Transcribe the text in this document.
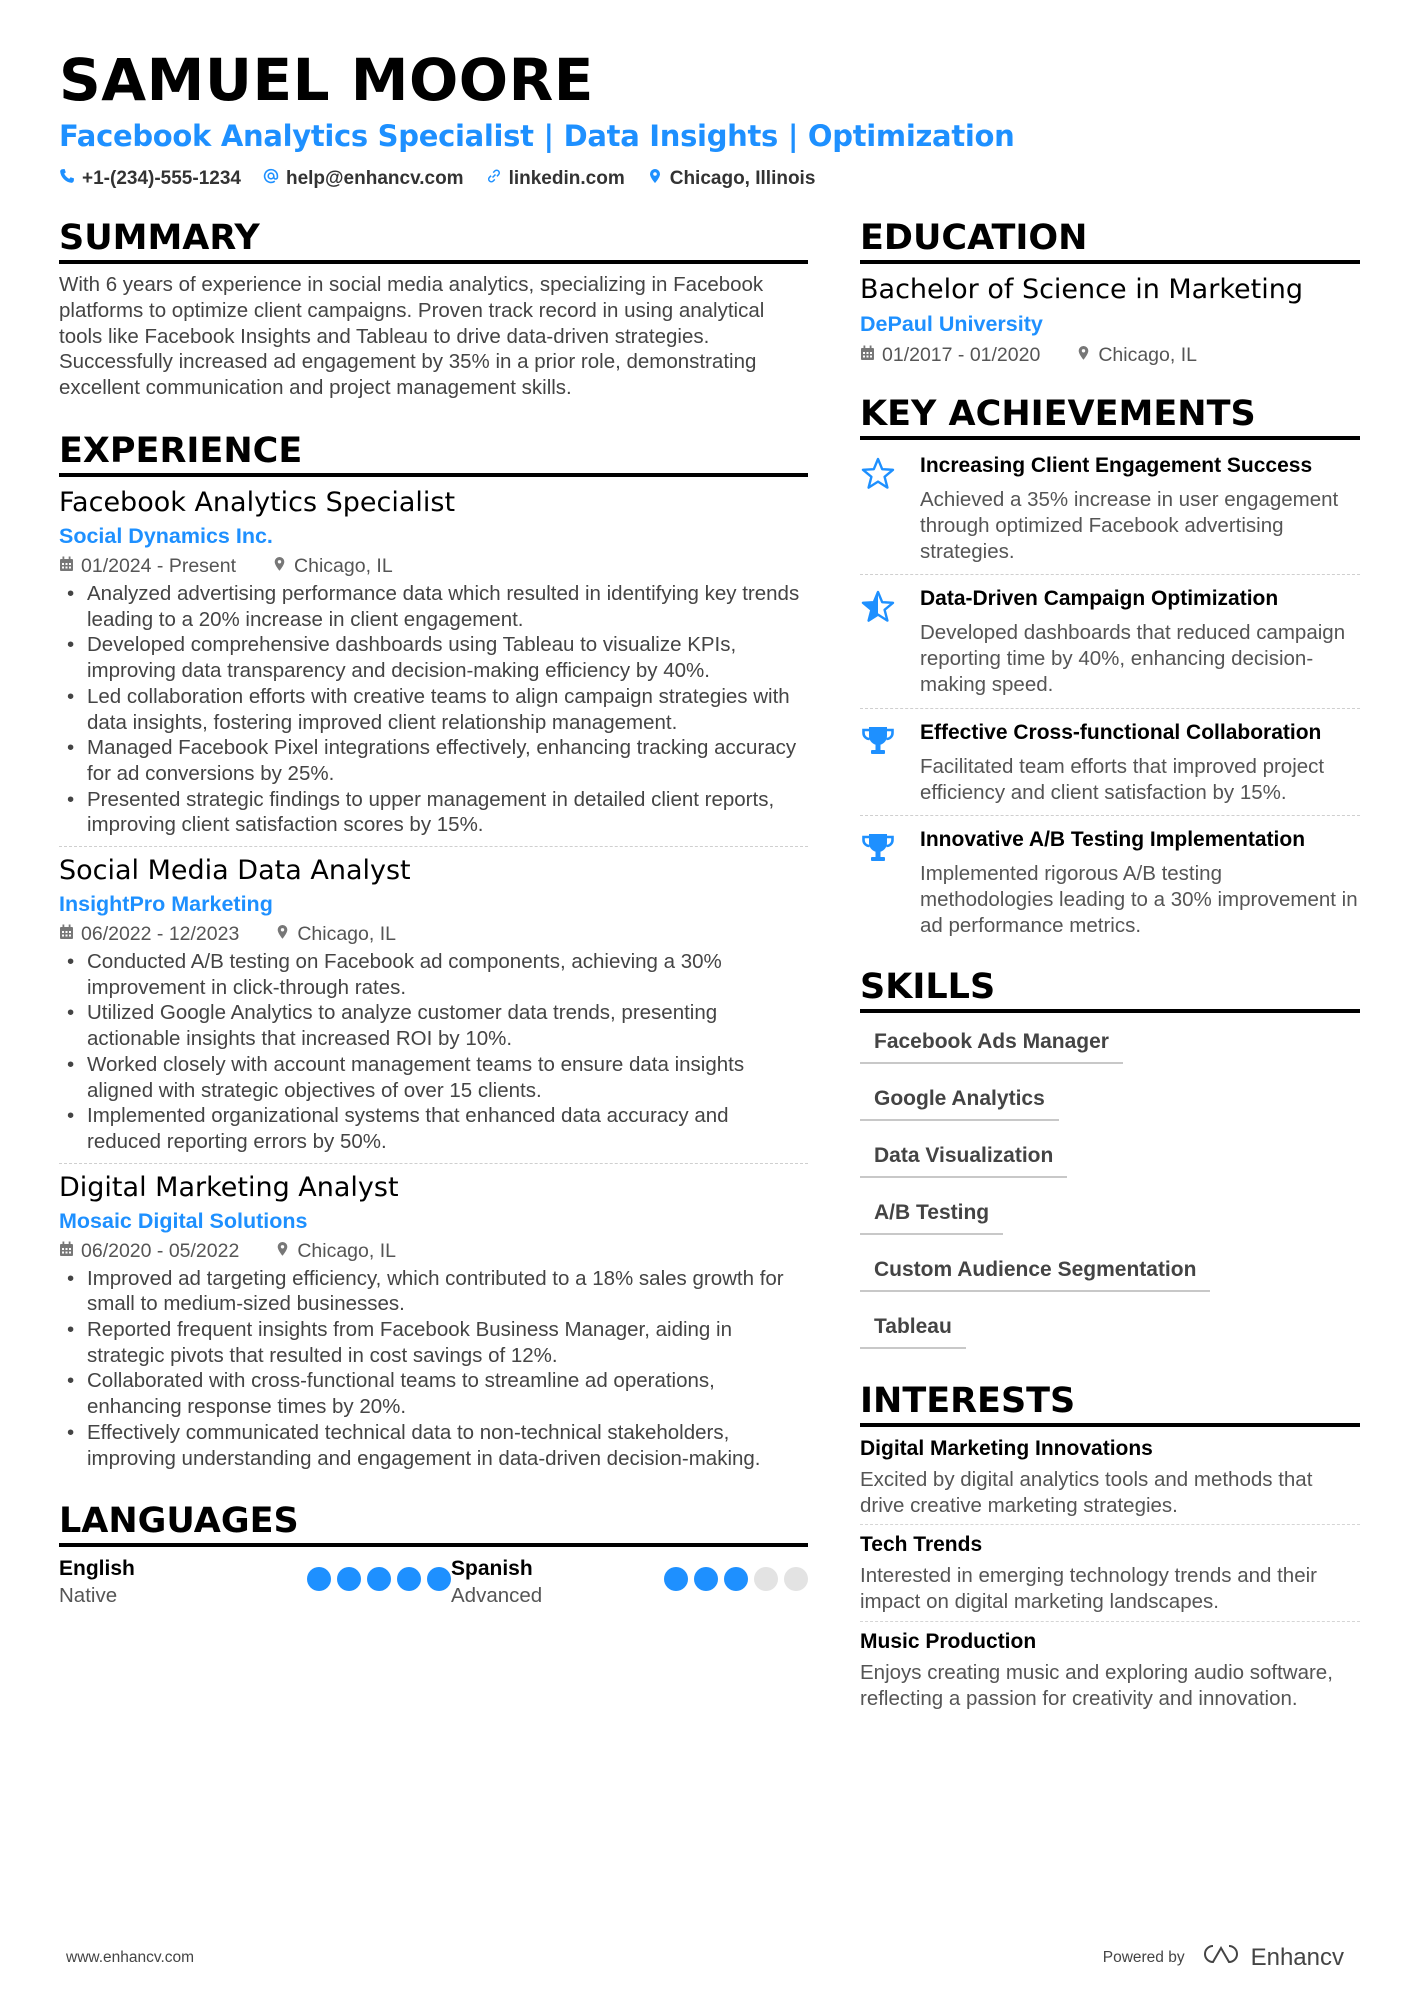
SAMUEL MOORE
Facebook Analytics Specialist | Data Insights | Optimization
+1-(234)-555-1234 help@enhancv.com linkedin.com Chicago, Illinois
SUMMARY

With 6 years of experience in social media analytics, specializing in Facebook platforms to optimize client campaigns. Proven track record in using analytical tools like Facebook Insights and Tableau to drive data-driven strategies. Successfully increased ad engagement by 35% in a prior role, demonstrating excellent communication and project management skills.

EXPERIENCE
Facebook Analytics Specialist
Social Dynamics Inc.
01/2024 - Present	Chicago, IL
• Analyzed advertising performance data which resulted in identifying key trends leading to a 20% increase in client engagement.
• Developed comprehensive dashboards using Tableau to visualize KPIs, improving data transparency and decision-making efficiency by 40%.
• Led collaboration efforts with creative teams to align campaign strategies with data insights, fostering improved client relationship management.
• Managed Facebook Pixel integrations effectively, enhancing tracking accuracy for ad conversions by 25%.
• Presented strategic findings to upper management in detailed client reports, improving client satisfaction scores by 15%.
Social Media Data Analyst
InsightPro Marketing
06/2022 - 12/2023	Chicago, IL
• Conducted A/B testing on Facebook ad components, achieving a 30% improvement in click-through rates.
• Utilized Google Analytics to analyze customer data trends, presenting actionable insights that increased ROI by 10%.
• Worked closely with account management teams to ensure data insights aligned with strategic objectives of over 15 clients.
• Implemented organizational systems that enhanced data accuracy and reduced reporting errors by 50%.
Digital Marketing Analyst
Mosaic Digital Solutions
06/2020 - 05/2022	Chicago, IL
• Improved ad targeting efficiency, which contributed to a 18% sales growth for small to medium-sized businesses.
• Reported frequent insights from Facebook Business Manager, aiding in strategic pivots that resulted in cost savings of 12%.
• Collaborated with cross-functional teams to streamline ad operations, enhancing response times by 20%.
• Effectively communicated technical data to non-technical stakeholders, improving understanding and engagement in data-driven decision-making.
LANGUAGES
English
Native
Spanish
Advanced
EDUCATION
Bachelor of Science in Marketing
DePaul University
01/2017 - 01/2020	Chicago, IL
KEY ACHIEVEMENTS
Increasing Client Engagement Success
Achieved a 35% increase in user engagement through optimized Facebook advertising strategies.
Data-Driven Campaign Optimization
Developed dashboards that reduced campaign reporting time by 40%, enhancing decision-making speed.
Effective Cross-functional Collaboration
Facilitated team efforts that improved project efficiency and client satisfaction by 15%.
Innovative A/B Testing Implementation
Implemented rigorous A/B testing methodologies leading to a 30% improvement in ad performance metrics.
SKILLS
Facebook Ads Manager
Google Analytics
Data Visualization
A/B Testing
Custom Audience Segmentation
Tableau
INTERESTS
Digital Marketing Innovations
Excited by digital analytics tools and methods that drive creative marketing strategies.
Tech Trends
Interested in emerging technology trends and their impact on digital marketing landscapes.
Music Production
Enjoys creating music and exploring audio software, reflecting a passion for creativity and innovation.
www.enhancv.com	Powered by	Enhancv
